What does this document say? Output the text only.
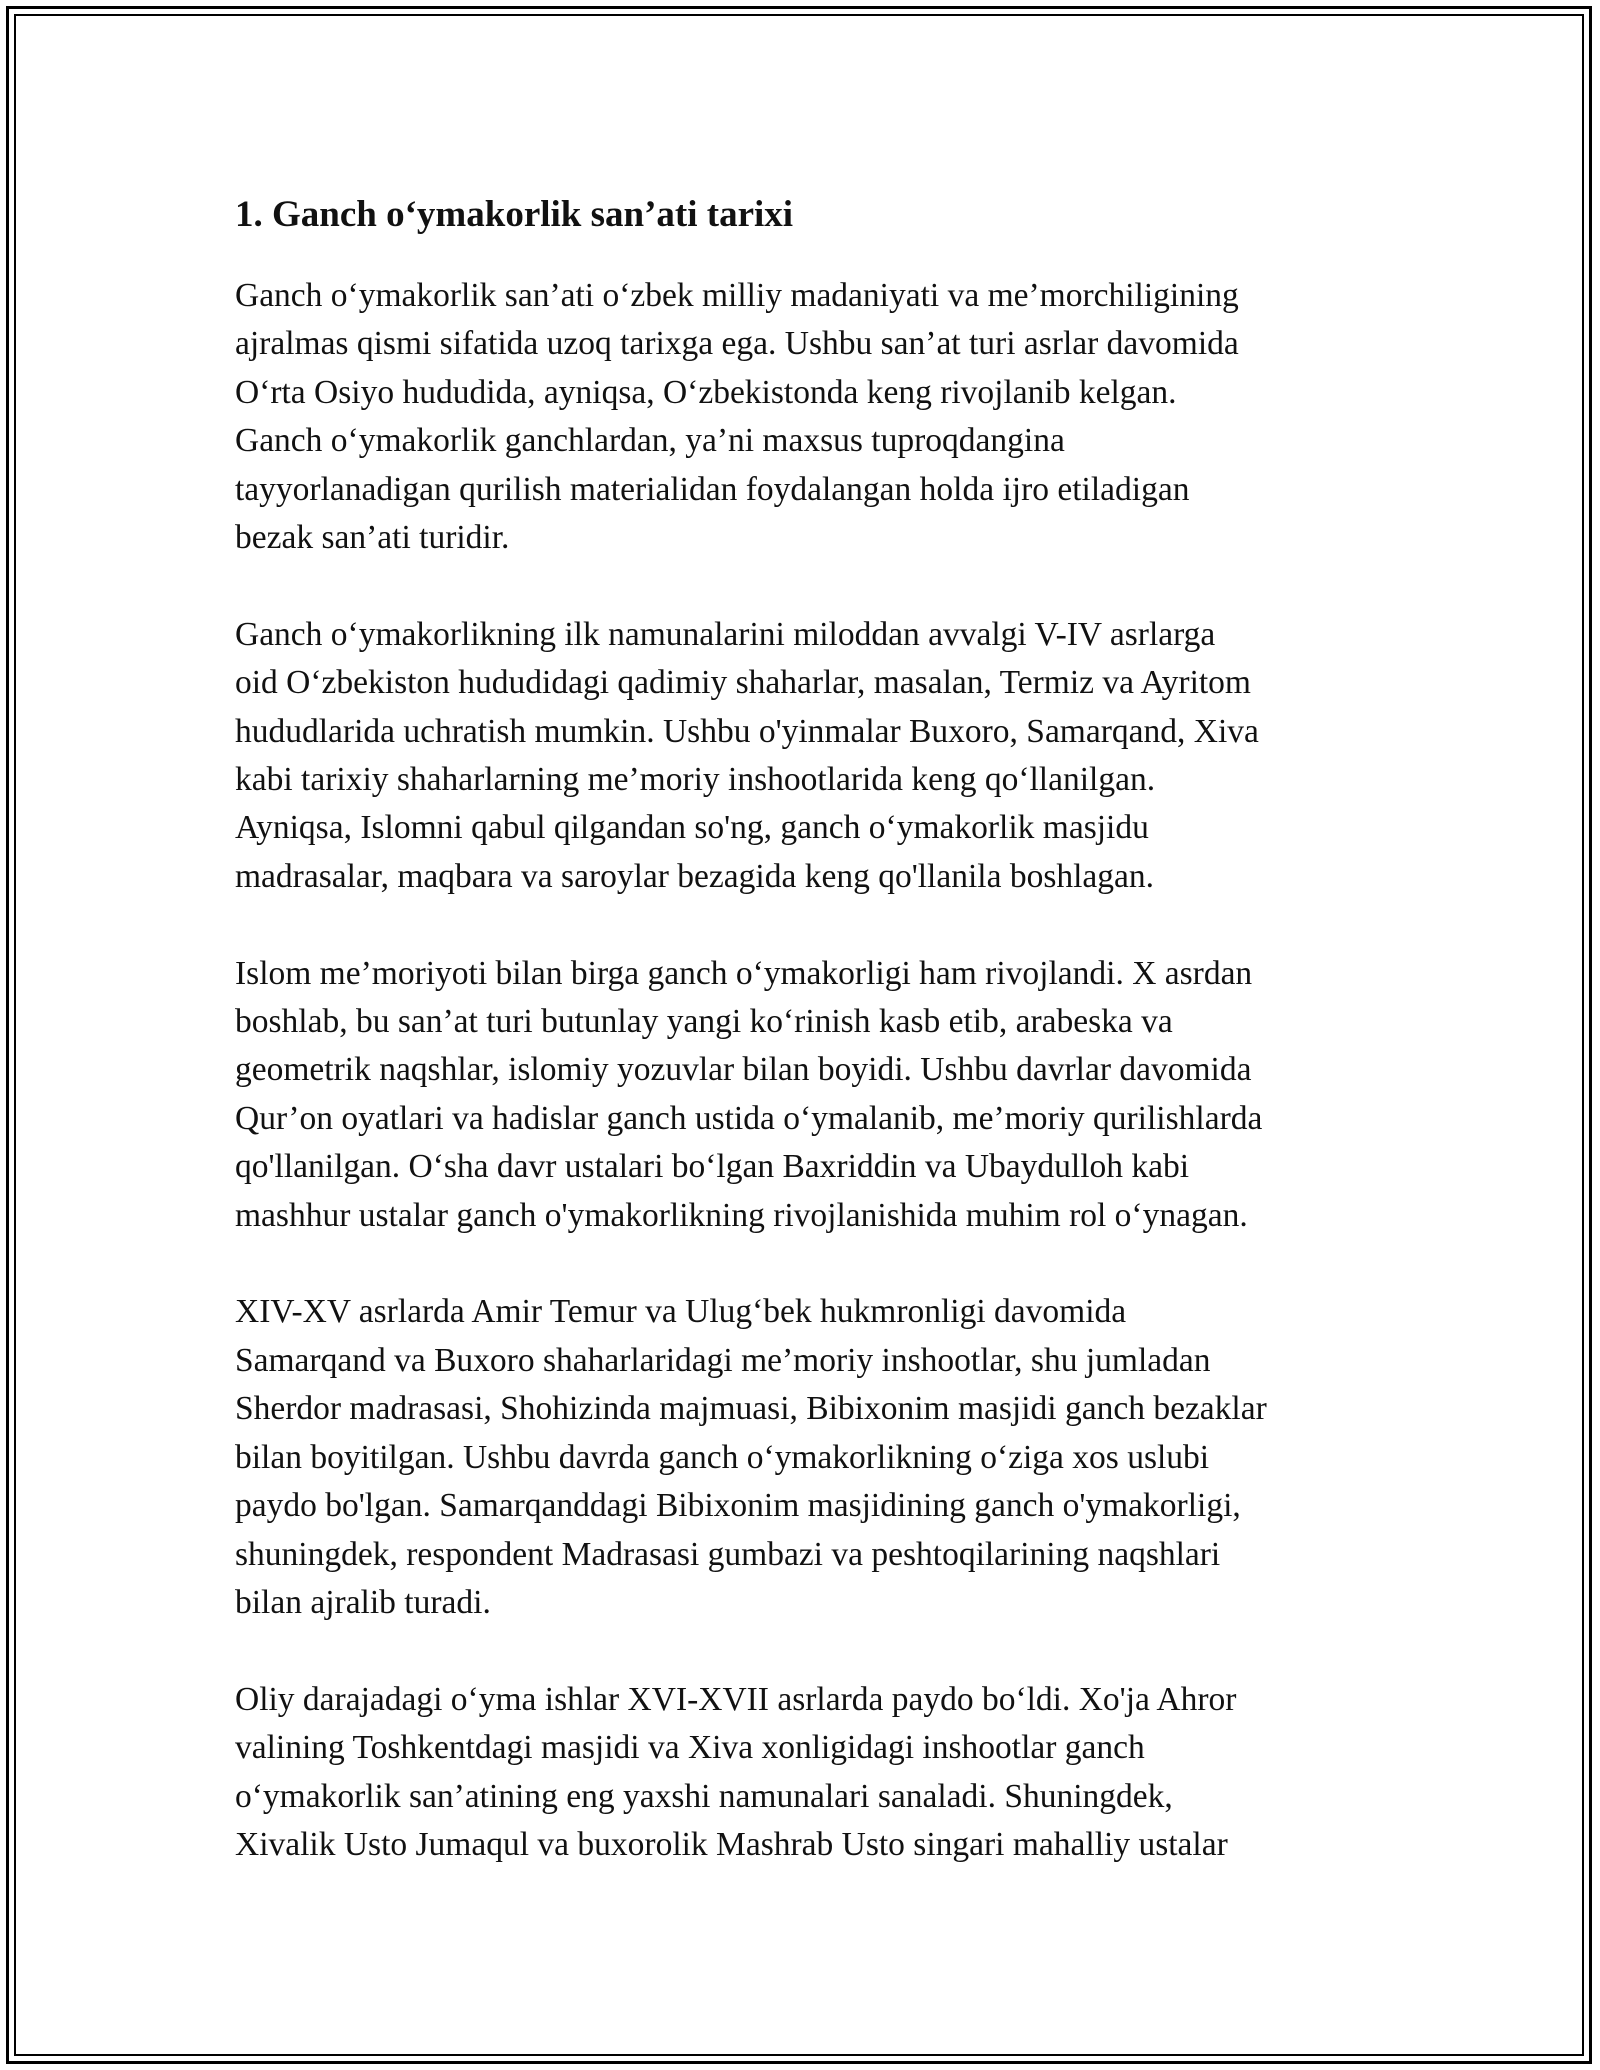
1. Ganch o‘ymakorlik san’ati tarixi
Ganch o‘ymakorlik san’ati o‘zbek milliy madaniyati va me’morchiligining
ajralmas qismi sifatida uzoq tarixga ega. Ushbu san’at turi asrlar davomida
O‘rta Osiyo hududida, ayniqsa, O‘zbekistonda keng rivojlanib kelgan.
Ganch o‘ymakorlik ganchlardan, ya’ni maxsus tuproqdangina
tayyorlanadigan qurilish materialidan foydalangan holda ijro etiladigan
bezak san’ati turidir.
Ganch o‘ymakorlikning ilk namunalarini miloddan avvalgi V-IV asrlarga
oid O‘zbekiston hududidagi qadimiy shaharlar, masalan, Termiz va Ayritom
hududlarida uchratish mumkin. Ushbu o'yinmalar Buxoro, Samarqand, Xiva
kabi tarixiy shaharlarning me’moriy inshootlarida keng qo‘llanilgan.
Ayniqsa, Islomni qabul qilgandan so'ng, ganch o‘ymakorlik masjidu
madrasalar, maqbara va saroylar bezagida keng qo'llanila boshlagan.
Islom me’moriyoti bilan birga ganch o‘ymakorligi ham rivojlandi. X asrdan
boshlab, bu san’at turi butunlay yangi ko‘rinish kasb etib, arabeska va
geometrik naqshlar, islomiy yozuvlar bilan boyidi. Ushbu davrlar davomida
Qur’on oyatlari va hadislar ganch ustida o‘ymalanib, me’moriy qurilishlarda
qo'llanilgan. O‘sha davr ustalari bo‘lgan Baxriddin va Ubaydulloh kabi
mashhur ustalar ganch o'ymakorlikning rivojlanishida muhim rol o‘ynagan.
XIV-XV asrlarda Amir Temur va Ulug‘bek hukmronligi davomida
Samarqand va Buxoro shaharlaridagi me’moriy inshootlar, shu jumladan
Sherdor madrasasi, Shohizinda majmuasi, Bibixonim masjidi ganch bezaklar
bilan boyitilgan. Ushbu davrda ganch o‘ymakorlikning o‘ziga xos uslubi
paydo bo'lgan. Samarqanddagi Bibixonim masjidining ganch o'ymakorligi,
shuningdek, respondent Madrasasi gumbazi va peshtoqilarining naqshlari
bilan ajralib turadi.
Oliy darajadagi o‘yma ishlar XVI-XVII asrlarda paydo bo‘ldi. Xo'ja Ahror
valining Toshkentdagi masjidi va Xiva xonligidagi inshootlar ganch
o‘ymakorlik san’atining eng yaxshi namunalari sanaladi. Shuningdek,
Xivalik Usto Jumaqul va buxorolik Mashrab Usto singari mahalliy ustalar
